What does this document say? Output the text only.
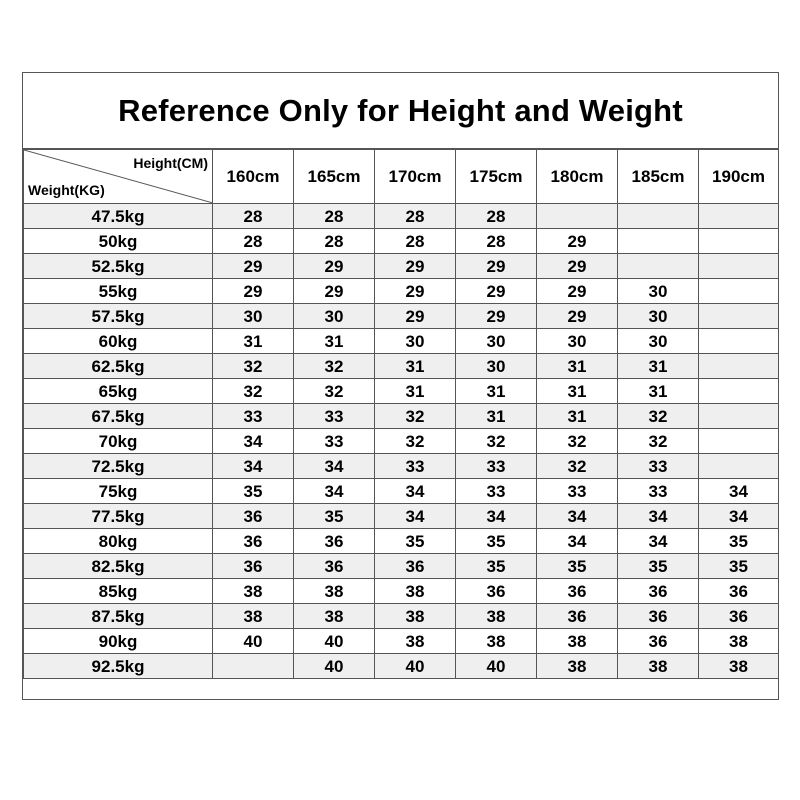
Reference Only for Height and Weight
Height(CM)
Weight(KG)	160cm	165cm	170cm	175cm	180cm	185cm	190cm
47.5kg	28	28	28	28			
50kg	28	28	28	28	29		
52.5kg	29	29	29	29	29		
55kg	29	29	29	29	29	30	
57.5kg	30	30	29	29	29	30	
60kg	31	31	30	30	30	30	
62.5kg	32	32	31	30	31	31	
65kg	32	32	31	31	31	31	
67.5kg	33	33	32	31	31	32	
70kg	34	33	32	32	32	32	
72.5kg	34	34	33	33	32	33	
75kg	35	34	34	33	33	33	34
77.5kg	36	35	34	34	34	34	34
80kg	36	36	35	35	34	34	35
82.5kg	36	36	36	35	35	35	35
85kg	38	38	38	36	36	36	36
87.5kg	38	38	38	38	36	36	36
90kg	40	40	38	38	38	36	38
92.5kg		40	40	40	38	38	38
